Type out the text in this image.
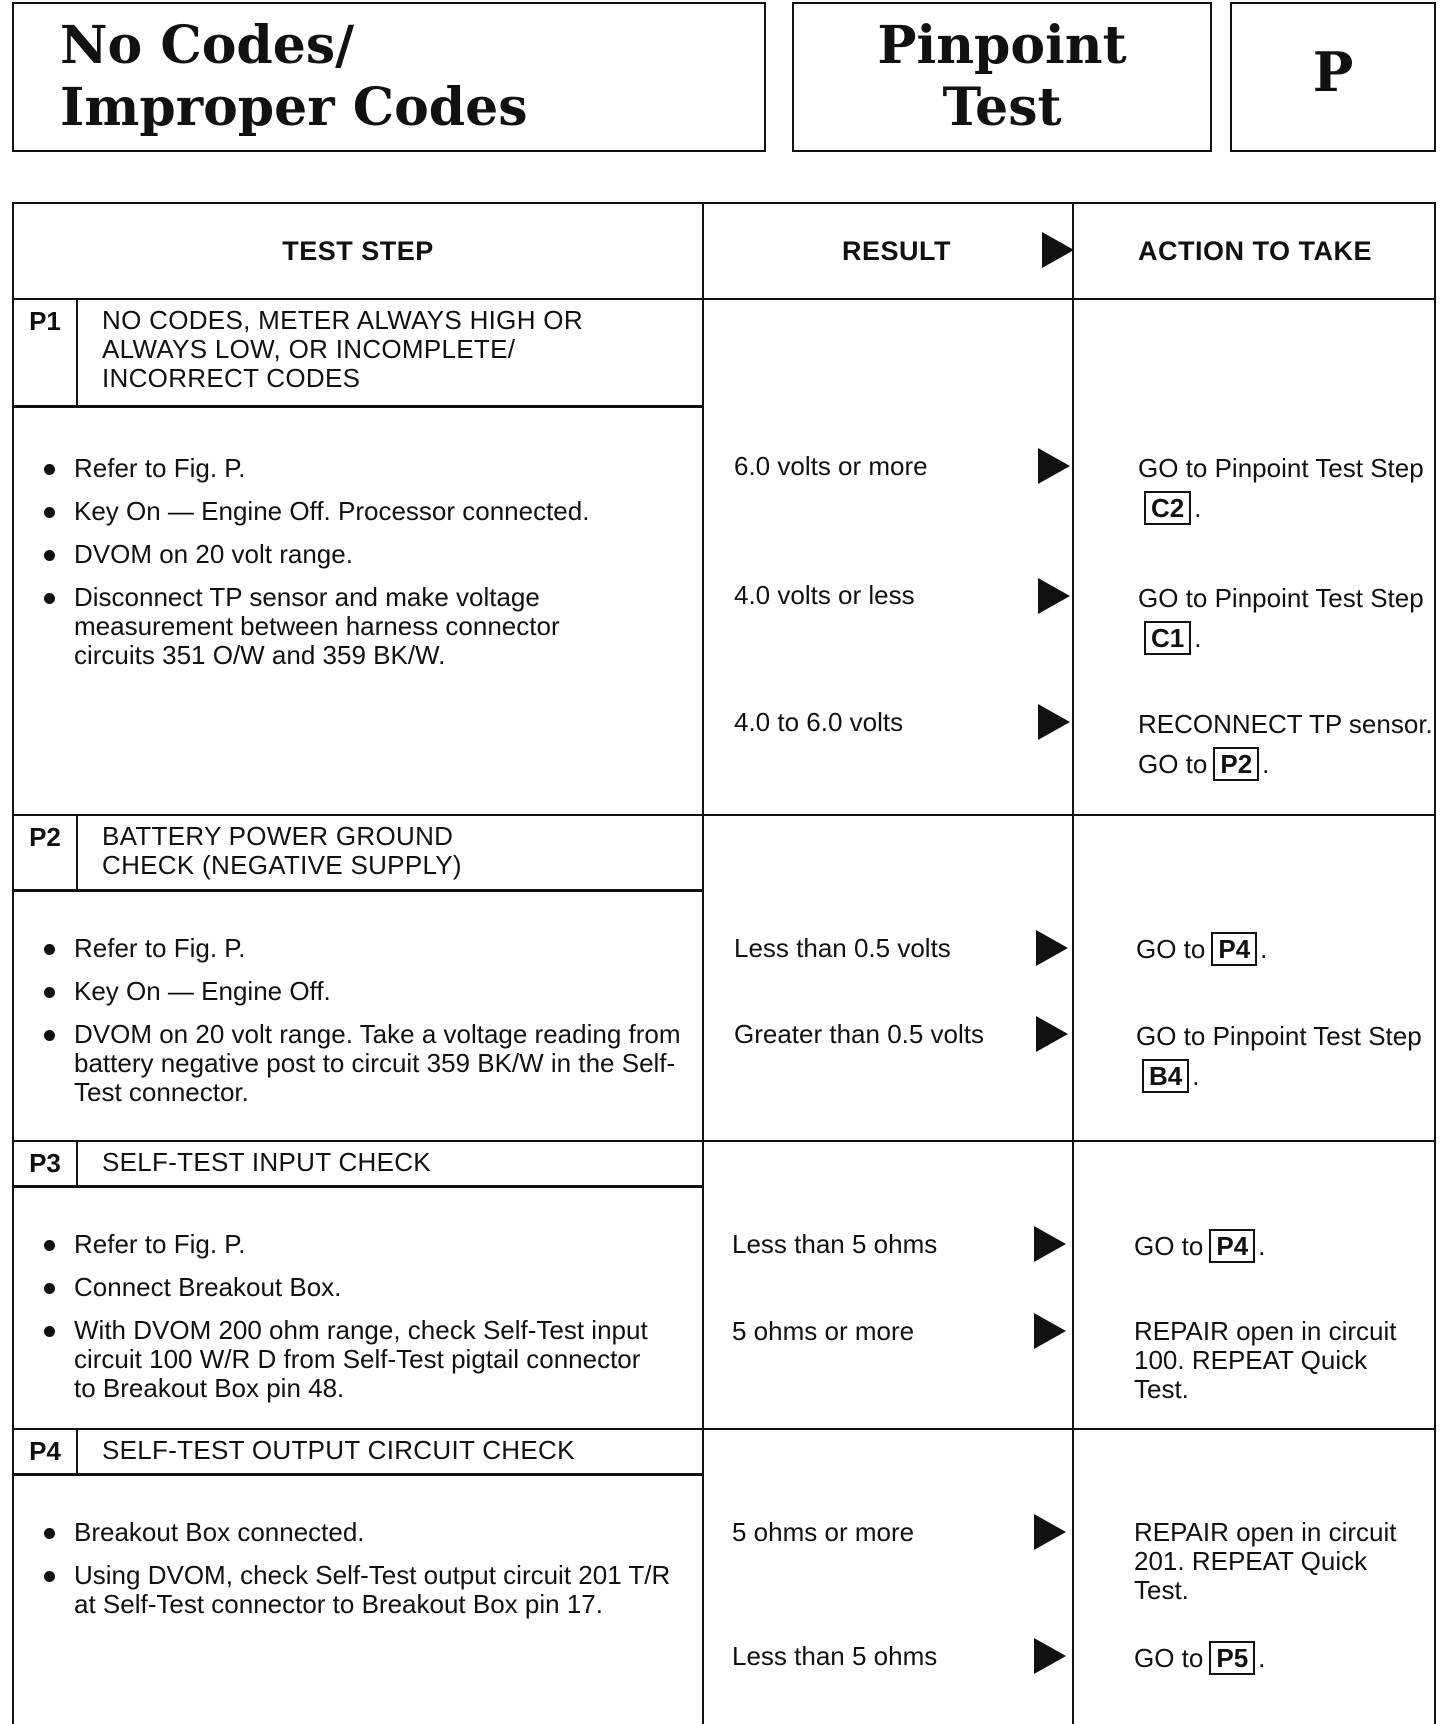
No Codes/
Improper Codes
Pinpoint
Test
P
TEST STEP	RESULT	ACTION TO TAKE
P1	NO CODES, METER ALWAYS HIGH OR ALWAYS LOW, OR INCOMPLETE/ INCORRECT CODES
Refer to Fig. P.
Key On — Engine Off. Processor connected.
DVOM on 20 volt range.
Disconnect TP sensor and make voltage measurement between harness connector circuits 351 O/W and 359 BK/W.
6.0 volts or more	GO to Pinpoint Test StepC2 .
4.0 volts or less	GO to Pinpoint Test StepC1 .
4.0 to 6.0 volts	RECONNECT TP sensor. GO to P2 .
P2	BATTERY POWER GROUND CHECK (NEGATIVE SUPPLY)
Refer to Fig. P.
Key On — Engine Off.
DVOM on 20 volt range. Take a voltage reading from battery negative post to circuit 359 BK/W in the Self-Test connector.
Less than 0.5 volts	GO to P4 .
Greater than 0.5 volts	GO to Pinpoint Test StepB4 .
P3	SELF-TEST INPUT CHECK
Refer to Fig. P.
Connect Breakout Box.
With DVOM 200 ohm range, check Self-Test input circuit 100 W/R D from Self-Test pigtail connector to Breakout Box pin 48.
Less than 5 ohms	GO to P4 .
5 ohms or more	REPAIR open in circuit 100. REPEAT Quick Test.
P4	SELF-TEST OUTPUT CIRCUIT CHECK
Breakout Box connected.
Using DVOM, check Self-Test output circuit 201 T/R at Self-Test connector to Breakout Box pin 17.
5 ohms or more	REPAIR open in circuit 201. REPEAT Quick Test.
Less than 5 ohms	GO to P5 .
